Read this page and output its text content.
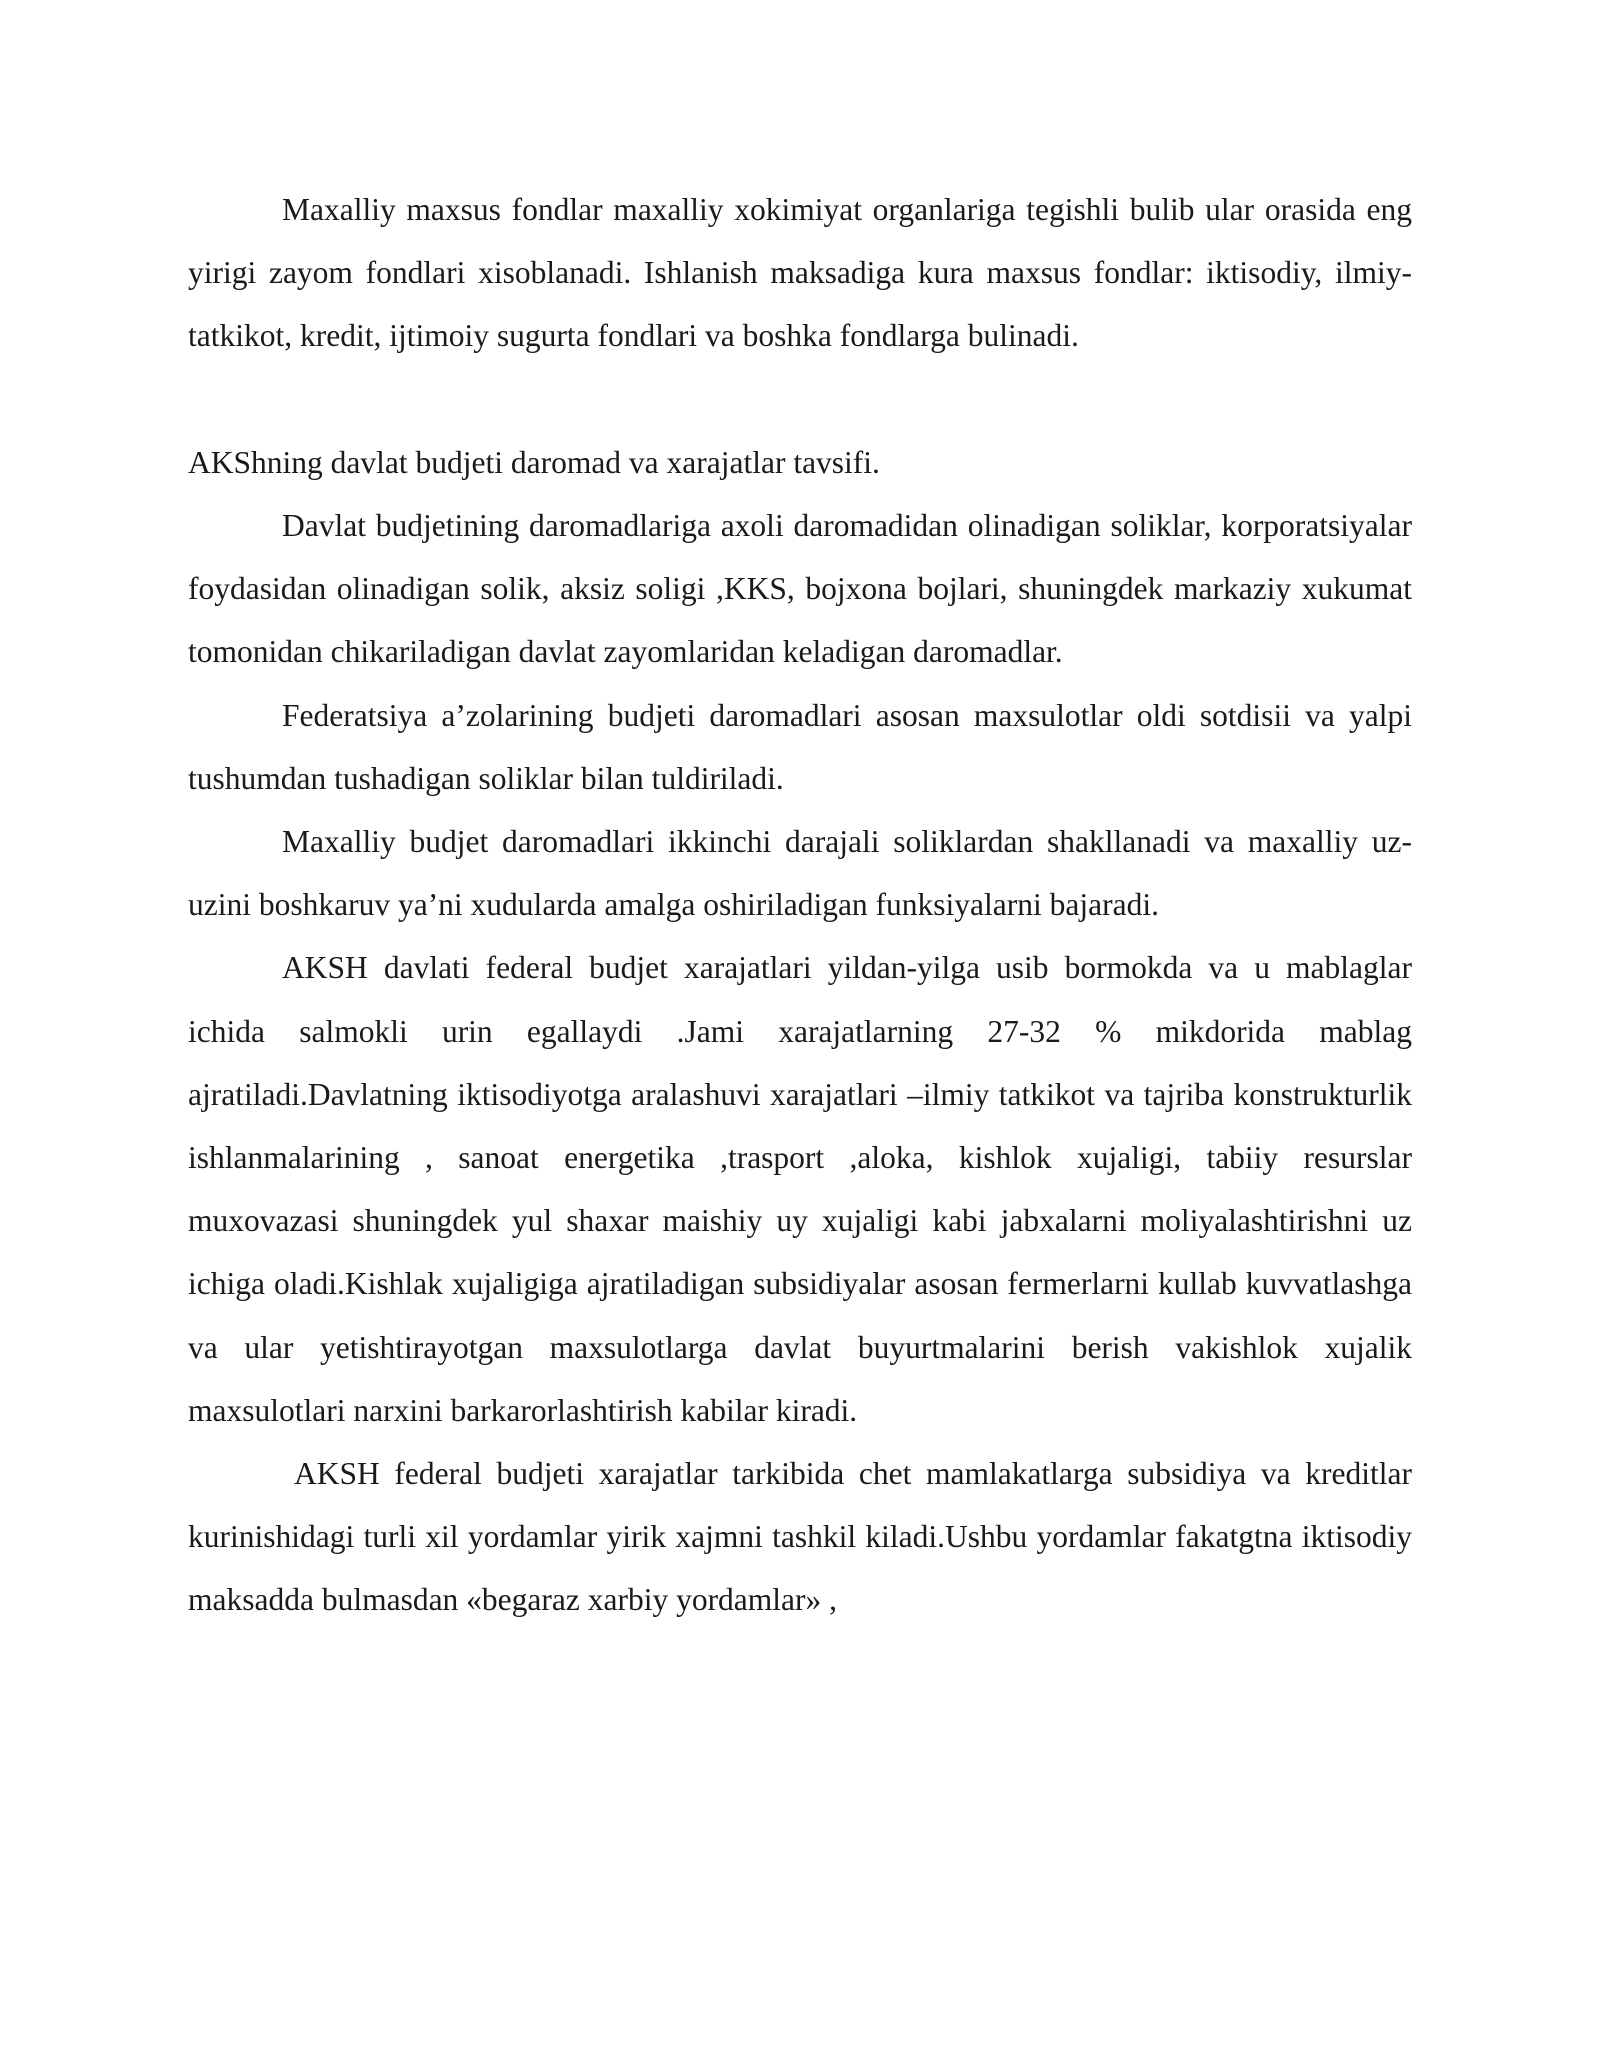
Maxalliy maxsus fondlar maxalliy xokimiyat organlariga tegishli bulib ular orasida eng yirigi zayom fondlari xisoblanadi. Ishlanish maksadiga kura maxsus fondlar: iktisodiy, ilmiy-tatkikot, kredit, ijtimoiy sugurta fondlari va boshka fondlarga bulinadi.

AKShning davlat budjeti daromad va xarajatlar tavsifi.

Davlat budjetining daromadlariga axoli daromadidan olinadigan soliklar, korporatsiyalar foydasidan olinadigan solik, aksiz soligi ,KKS, bojxona bojlari, shuningdek markaziy xukumat tomonidan chikariladigan davlat zayomlaridan keladigan daromadlar.

Federatsiya a’zolarining budjeti daromadlari asosan maxsulotlar oldi sotdisii va yalpi tushumdan tushadigan soliklar bilan tuldiriladi.

Maxalliy budjet daromadlari ikkinchi darajali soliklardan shakllanadi va maxalliy uz-uzini boshkaruv ya’ni xudularda amalga oshiriladigan funksiyalarni bajaradi.

AKSH davlati federal budjet xarajatlari yildan-yilga usib bormokda va u mablaglar ichida salmokli urin egallaydi .Jami xarajatlarning 27-32 % mikdorida mablag ajratiladi.Davlatning iktisodiyotga aralashuvi xarajatlari –ilmiy tatkikot va tajriba konstrukturlik ishlanmalarining , sanoat energetika ,trasport ,aloka, kishlok xujaligi, tabiiy resurslar muxovazasi shuningdek yul shaxar maishiy uy xujaligi kabi jabxalarni moliyalashtirishni uz ichiga oladi.Kishlak xujaligiga ajratiladigan subsidiyalar asosan fermerlarni kullab kuvvatlashga va ular yetishtirayotgan maxsulotlarga davlat buyurtmalarini berish vakishlok xujalik maxsulotlari narxini barkarorlashtirish kabilar kiradi.

AKSH federal budjeti xarajatlar tarkibida chet mamlakatlarga subsidiya va kreditlar kurinishidagi turli xil yordamlar yirik xajmni tashkil kiladi.Ushbu yordamlar fakatgtna iktisodiy maksadda bulmasdan «begaraz xarbiy yordamlar» ,
